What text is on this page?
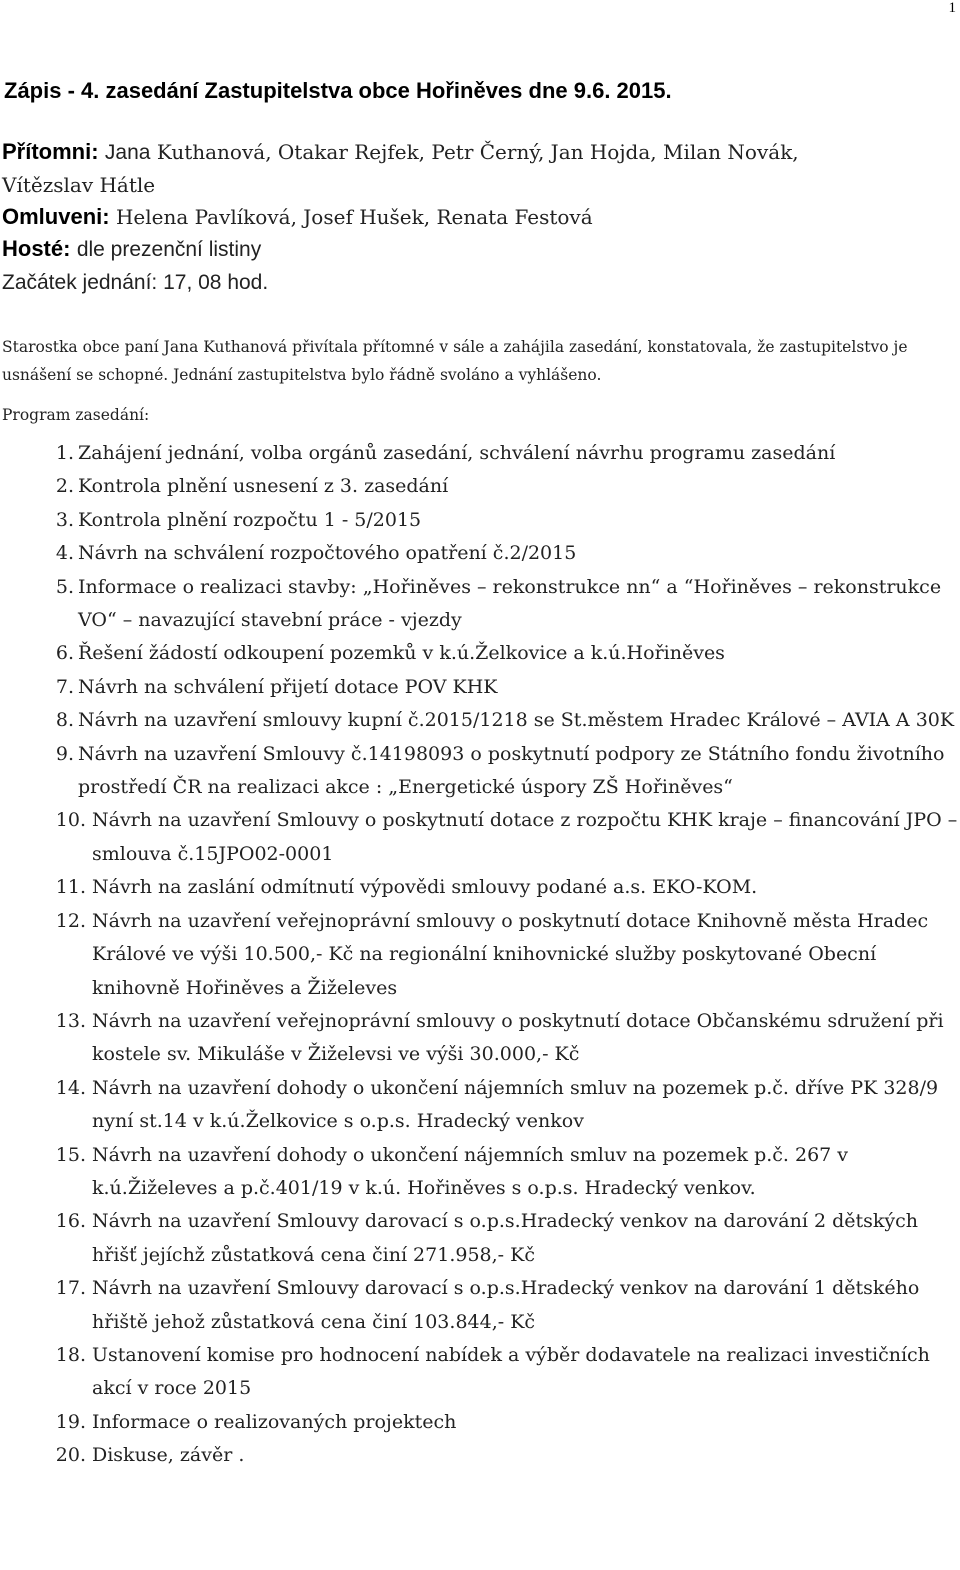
1
Zápis - 4. zasedání Zastupitelstva obce Hořiněves dne 9.6. 2015.
Přítomni: Jana Kuthanová, Otakar Rejfek, Petr Černý, Jan Hojda, Milan Novák,
Vítězslav Hátle
Omluveni: Helena Pavlíková, Josef Hušek, Renata Festová
Hosté: dle prezenční listiny
Začátek jednání: 17, 08 hod.

Starostka obce paní Jana Kuthanová přivítala přítomné v sále a zahájila zasedání, konstatovala, že zastupitelstvo je usnášení se schopné. Jednání zastupitelstva bylo řádně svoláno a vyhlášeno.

Program zasedání:

1. Zahájení jednání, volba orgánů zasedání, schválení návrhu programu zasedání
2. Kontrola plnění usnesení z 3. zasedání
3. Kontrola plnění rozpočtu 1 - 5/2015
4. Návrh na schválení rozpočtového opatření č.2/2015
5. Informace o realizaci stavby: „Hořiněves – rekonstrukce nn“ a “Hořiněves – rekonstrukce VO“ – navazující stavební práce - vjezdy
6. Řešení žádostí odkoupení pozemků v k.ú.Želkovice a k.ú.Hořiněves
7. Návrh na schválení přijetí dotace POV KHK
8. Návrh na uzavření smlouvy kupní č.2015/1218 se St.městem Hradec Králové – AVIA A 30K
9. Návrh na uzavření Smlouvy č.14198093 o poskytnutí podpory ze Státního fondu životního prostředí ČR na realizaci akce : „Energetické úspory ZŠ Hořiněves“
10. Návrh na uzavření Smlouvy o poskytnutí dotace z rozpočtu KHK kraje – financování JPO – smlouva č.15JPO02-0001
11. Návrh na zaslání odmítnutí výpovědi smlouvy podané a.s. EKO-KOM.
12. Návrh na uzavření veřejnoprávní smlouvy o poskytnutí dotace Knihovně města Hradec Králové ve výši 10.500,- Kč na regionální knihovnické služby poskytované Obecní knihovně Hořiněves a Žiželeves
13. Návrh na uzavření veřejnoprávní smlouvy o poskytnutí dotace Občanskému sdružení při kostele sv. Mikuláše v Žiželevsi ve výši 30.000,- Kč
14. Návrh na uzavření dohody o ukončení nájemních smluv na pozemek p.č. dříve PK 328/9 nyní st.14 v k.ú.Želkovice s o.p.s. Hradecký venkov
15. Návrh na uzavření dohody o ukončení nájemních smluv na pozemek p.č. 267 v k.ú.Žiželeves a p.č.401/19 v k.ú. Hořiněves s o.p.s. Hradecký venkov.
16. Návrh na uzavření Smlouvy darovací s o.p.s.Hradecký venkov na darování 2 dětských hřišť jejíchž zůstatková cena činí 271.958,- Kč
17. Návrh na uzavření Smlouvy darovací s o.p.s.Hradecký venkov na darování 1 dětského hřiště jehož zůstatková cena činí 103.844,- Kč
18. Ustanovení komise pro hodnocení nabídek a výběr dodavatele na realizaci investičních akcí v roce 2015
19. Informace o realizovaných projektech
20. Diskuse, závěr .
